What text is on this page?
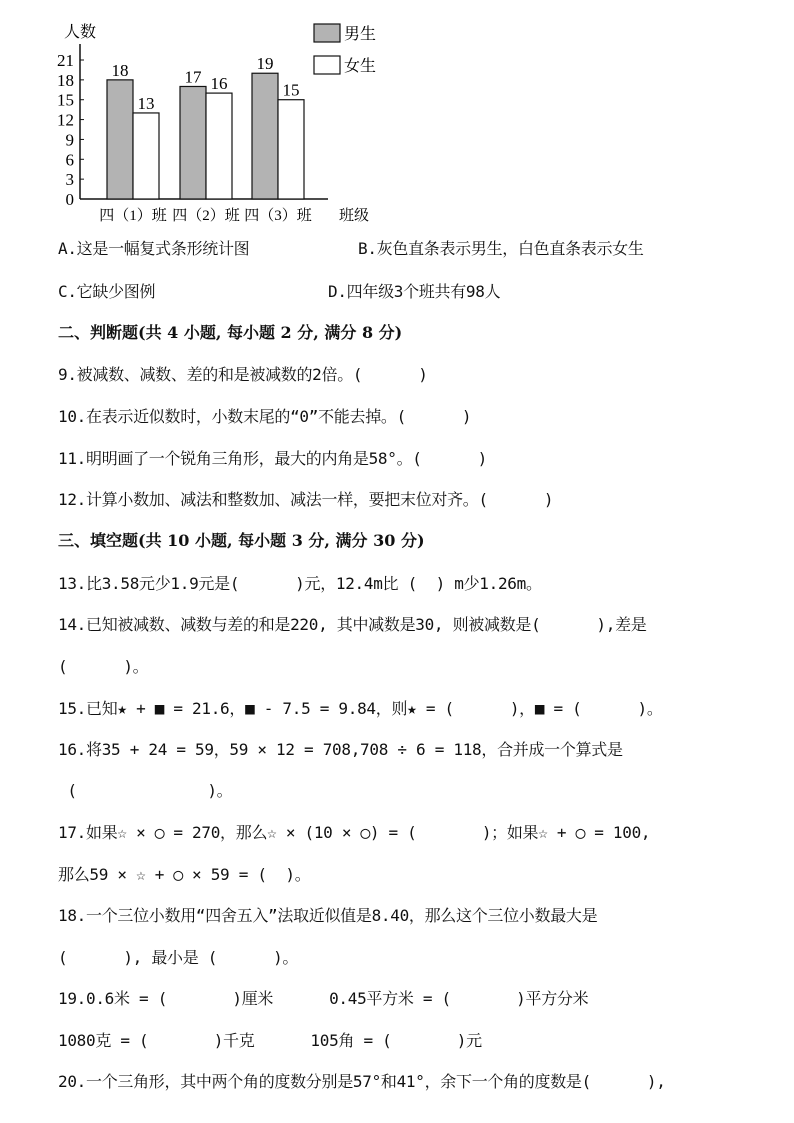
0
3
6
9
12
15
18
21
人数
18
13
四（1）班
17 16
四（2）班
19
15
四（3）班 班级
男生
女生
A.这是一幅复式条形统计图	B.灰色直条表示男生，白色直条表示女生
C.它缺少图例	D.四年级3个班共有98人
二、判断题(共 4 小题, 每小题 2 分, 满分 8 分)
9.被减数、减数、差的和是被减数的2倍。(      )
10.在表示近似数时，小数末尾的“0”不能去掉。(      )
11.明明画了一个锐角三角形，最大的内角是58°。(      )
12.计算小数加、减法和整数加、减法一样，要把末位对齐。(      )
三、填空题(共 10 小题, 每小题 3 分, 满分 30 分)
13.比3.58元少1.9元是(      )元，12.4m比 (  ) m少1.26m。
14.已知被减数、减数与差的和是220, 其中减数是30, 则被减数是(      ),差是
(      )。
15.已知★ + ■ = 21.6，■ - 7.5 = 9.84，则★ = (      )，■ = (      )。
16.将35 + 24 = 59，59 × 12 = 708,708 ÷ 6 = 118，合并成一个算式是
(              )。
17.如果☆ × ◯ = 270，那么☆ × (10 × ◯) = (       )；如果☆ + ◯ = 100,
那么59 × ☆ + ◯ × 59 = (  )。
18.一个三位小数用“四舍五入”法取近似值是8.40，那么这个三位小数最大是
(      ), 最小是 (      )。
19.0.6米 = (       )厘米      0.45平方米 = (       )平方分米
1080克 = (       )千克      105角 = (       )元
20.一个三角形，其中两个角的度数分别是57°和41°，余下一个角的度数是(      ),
